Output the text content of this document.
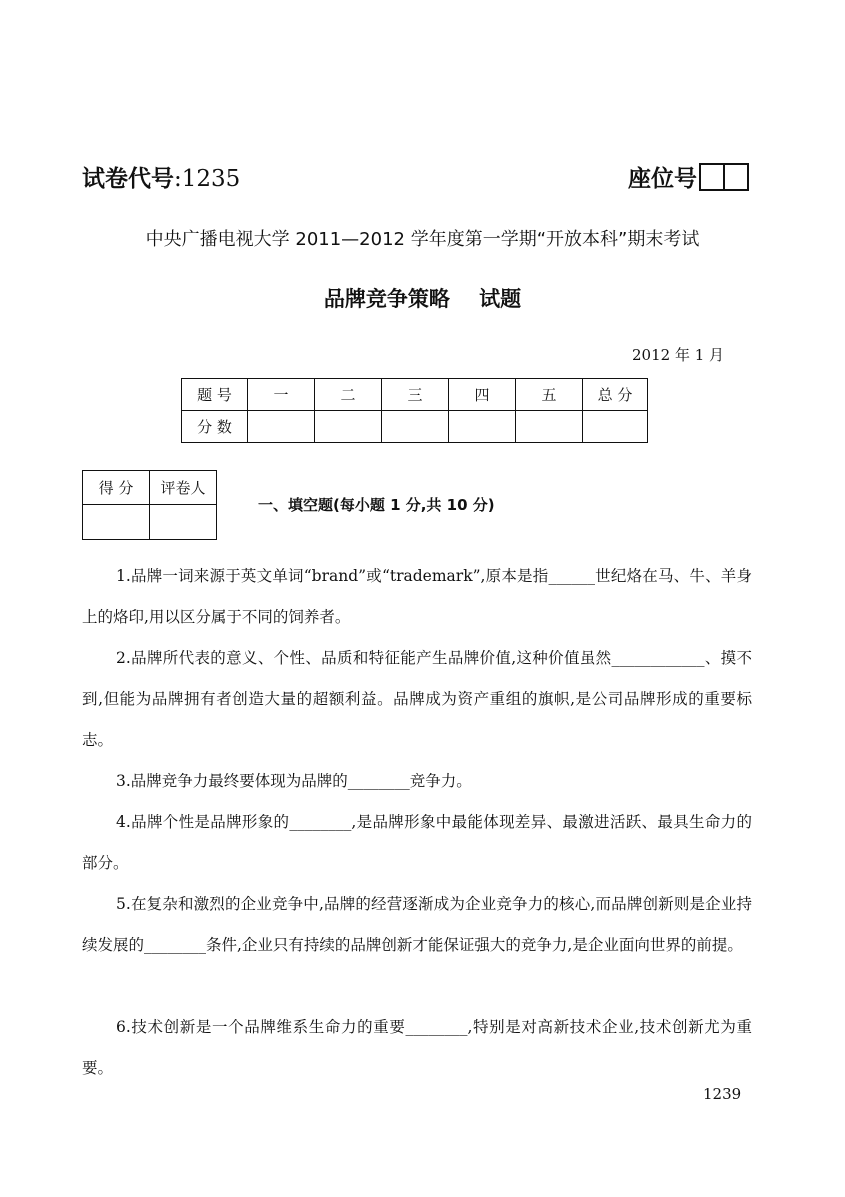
试卷代号:1235	座位号
中央广播电视大学 2011—2012 学年度第一学期“开放本科”期末考试
品牌竞争策略    试题
2012 年 1 月
题 号	一	二	三	四	五	总 分
分 数						
得 分	评卷人

一、填空题(每小题 1 分,共 10 分)
1.品牌一词来源于英文单词“brand”或“trademark”,原本是指______世纪烙在马、牛、羊身上的烙印,用以区分属于不同的饲养者。
2.品牌所代表的意义、个性、品质和特征能产生品牌价值,这种价值虽然____________、摸不到,但能为品牌拥有者创造大量的超额利益。品牌成为资产重组的旗帜,是公司品牌形成的重要标志。
3.品牌竞争力最终要体现为品牌的________竞争力。
4.品牌个性是品牌形象的________,是品牌形象中最能体现差异、最激进活跃、最具生命力的部分。
5.在复杂和激烈的企业竞争中,品牌的经营逐渐成为企业竞争力的核心,而品牌创新则是企业持续发展的________条件,企业只有持续的品牌创新才能保证强大的竞争力,是企业面向世界的前提。
6.技术创新是一个品牌维系生命力的重要________,特别是对高新技术企业,技术创新尤为重要。
1239
